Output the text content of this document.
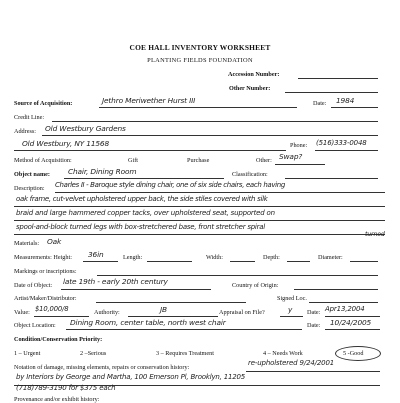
COE HALL INVENTORY WORKSHEET
PLANTING FIELDS FOUNDATION
Accession Number:
Other Number:
Source of Acquisition:	Jethro Meriwether Hurst III	Date: 1984
Credit Line:
Address: Old Westbury Gardens
Old Westbury, NY 11568	Phone: (516)333-0048
Method of Acquisition:	Gift	Purchase	Other: Swap?
Object name: Chair, Dining Room	Classification:
Description: Charles II - Baroque style dining chair, one of six side chairs, each having
oak frame, cut-velvet upholstered upper back, the side stiles covered with silk
braid and large hammered copper tacks, over upholstered seat, supported on
spool-and-block turned legs with box-stretchered base, front stretcher spiral
turned
Materials: Oak
Measurements: Height: 36in	Length:	Width:	Depth:	Diameter:
Markings or inscriptions:
Date of Object: late 19th - early 20th century	Country of Origin:
Artist/Maker/Distributor:	Signed Loc.
Value: $10,000/8	Authority:	JB	Appraisal on File?	y Date: Apr13,2004
Object Location: Dining Room, center table, north west chair	Date: 10/24/2005
Condition/Conservation Priority:
1 – Urgent	2 –Serious	3 – Requires Treatment	4 – Needs Work	5 -Good
Notation of damage, missing elements, repairs or conservation history:
re-upholstered 9/24/2001
by Interiors by George and Martha, 100 Emerson Pl, Brooklyn, 11205
(718)789-3190 for $375 each
Provenance and/or exhibit history:
